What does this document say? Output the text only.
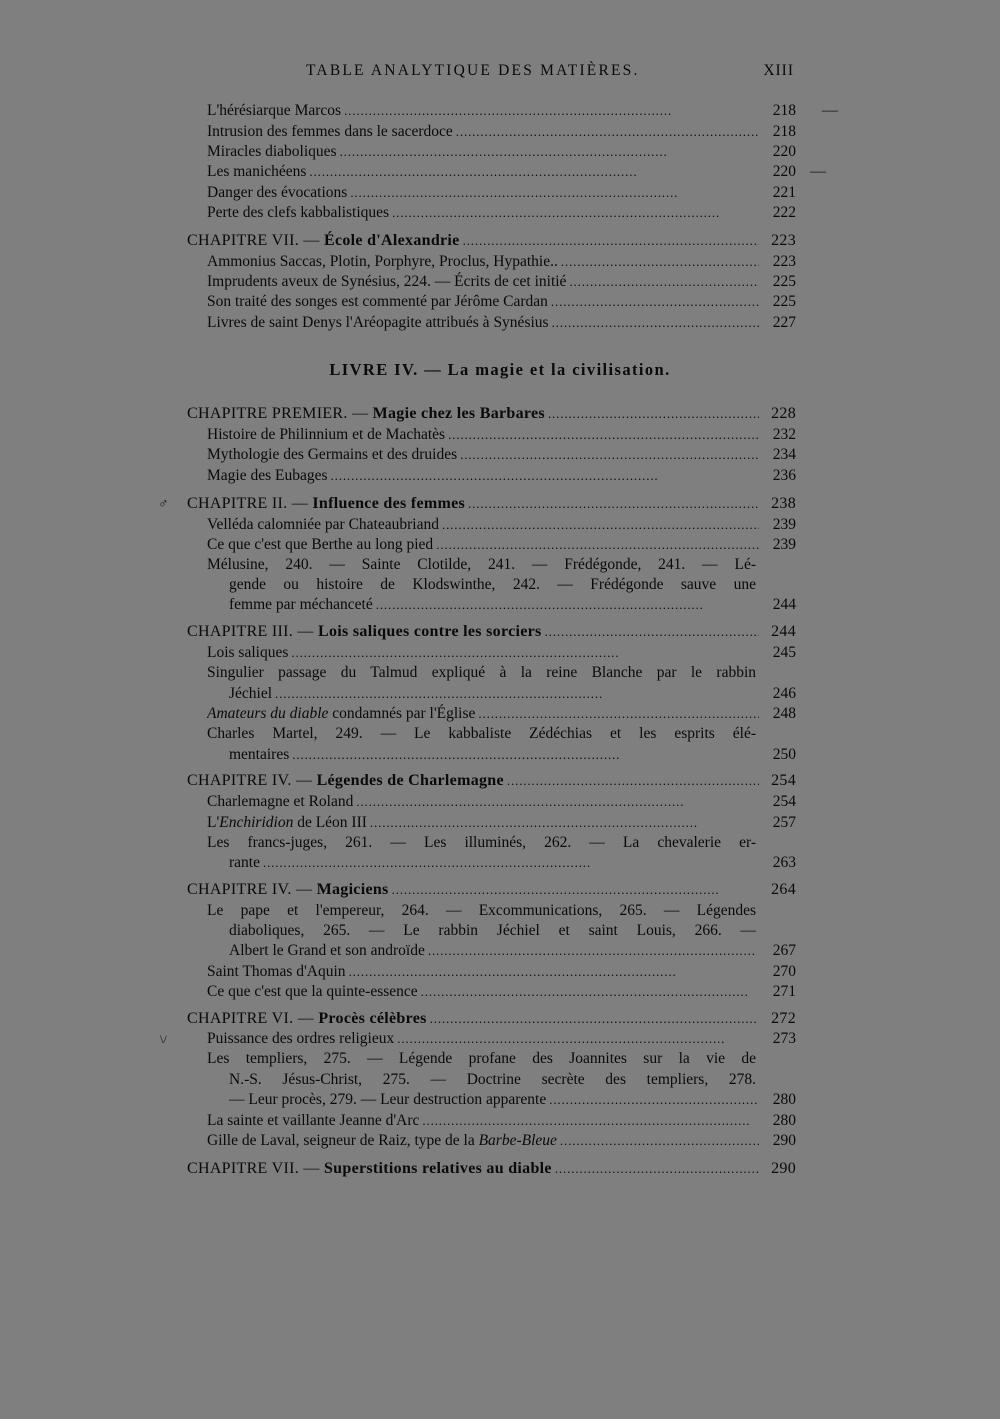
TABLE ANALYTIQUE DES MATIÈRES.	XIII
L'hérésiarque Marcos . . .	218
Intrusion des femmes dans le sacerdoce . . .	218
Miracles diaboliques . . .	220
Les manichéens . . .	220
Danger des évocations . . .	221
Perte des clefs kabbalistiques . . .	222
CHAPITRE VII. — École d'Alexandrie . . .	223
Ammonius Saccas, Plotin, Porphyre, Proclus, Hypathie.. . . .	223
Imprudents aveux de Synésius, 224. — Écrits de cet initié . . .	225
Son traité des songes est commenté par Jérôme Cardan . . .	225
Livres de saint Denys l'Aréopagite attribués à Synésius . . .	227
LIVRE IV. — La magie et la civilisation.
CHAPITRE PREMIER. — Magie chez les Barbares . . .	228
Histoire de Philinnium et de Machatès . . .	232
Mythologie des Germains et des druides . . .	234
Magie des Eubages . . .	236
CHAPITRE II. — Influence des femmes . . .	238
Velléda calomniée par Chateaubriand . . .	239
Ce que c'est que Berthe au long pied . . .	239
Mélusine, 240. — Sainte Clotilde, 241. — Frédégonde, 241. — Lé-
gende ou histoire de Klodswinthe, 242. — Frédégonde sauve une
femme par méchanceté . . .	244
CHAPITRE III. — Lois saliques contre les sorciers . . .	244
Lois saliques . . .	245
Singulier passage du Talmud expliqué à la reine Blanche par le rabbin
Jéchiel . . .	246
Amateurs du diable condamnés par l'Église . . .	248
Charles Martel, 249. — Le kabbaliste Zédéchias et les esprits élé-
mentaires . . .	250
CHAPITRE IV. — Légendes de Charlemagne . . .	254
Charlemagne et Roland . . .	254
L'Enchiridion de Léon III . . .	257
Les francs-juges, 261. — Les illuminés, 262. — La chevalerie er-
rante . . .	263
CHAPITRE IV. — Magiciens . . .	264
Le pape et l'empereur, 264. — Excommunications, 265. — Légendes
diaboliques, 265. — Le rabbin Jéchiel et saint Louis, 266. —
Albert le Grand et son androïde . . .	267
Saint Thomas d'Aquin . . .	270
Ce que c'est que la quinte-essence . . .	271
CHAPITRE VI. — Procès célèbres . . .	272
Puissance des ordres religieux . . .	273
Les templiers, 275. — Légende profane des Joannites sur la vie de
N.-S. Jésus-Christ, 275. — Doctrine secrète des templiers, 278.
— Leur procès, 279. — Leur destruction apparente . . .	280
La sainte et vaillante Jeanne d'Arc . . .	280
Gille de Laval, seigneur de Raiz, type de la Barbe-Bleue . . .	290
CHAPITRE VII. — Superstitions relatives au diable . . .	290
—
—
♂
\/
